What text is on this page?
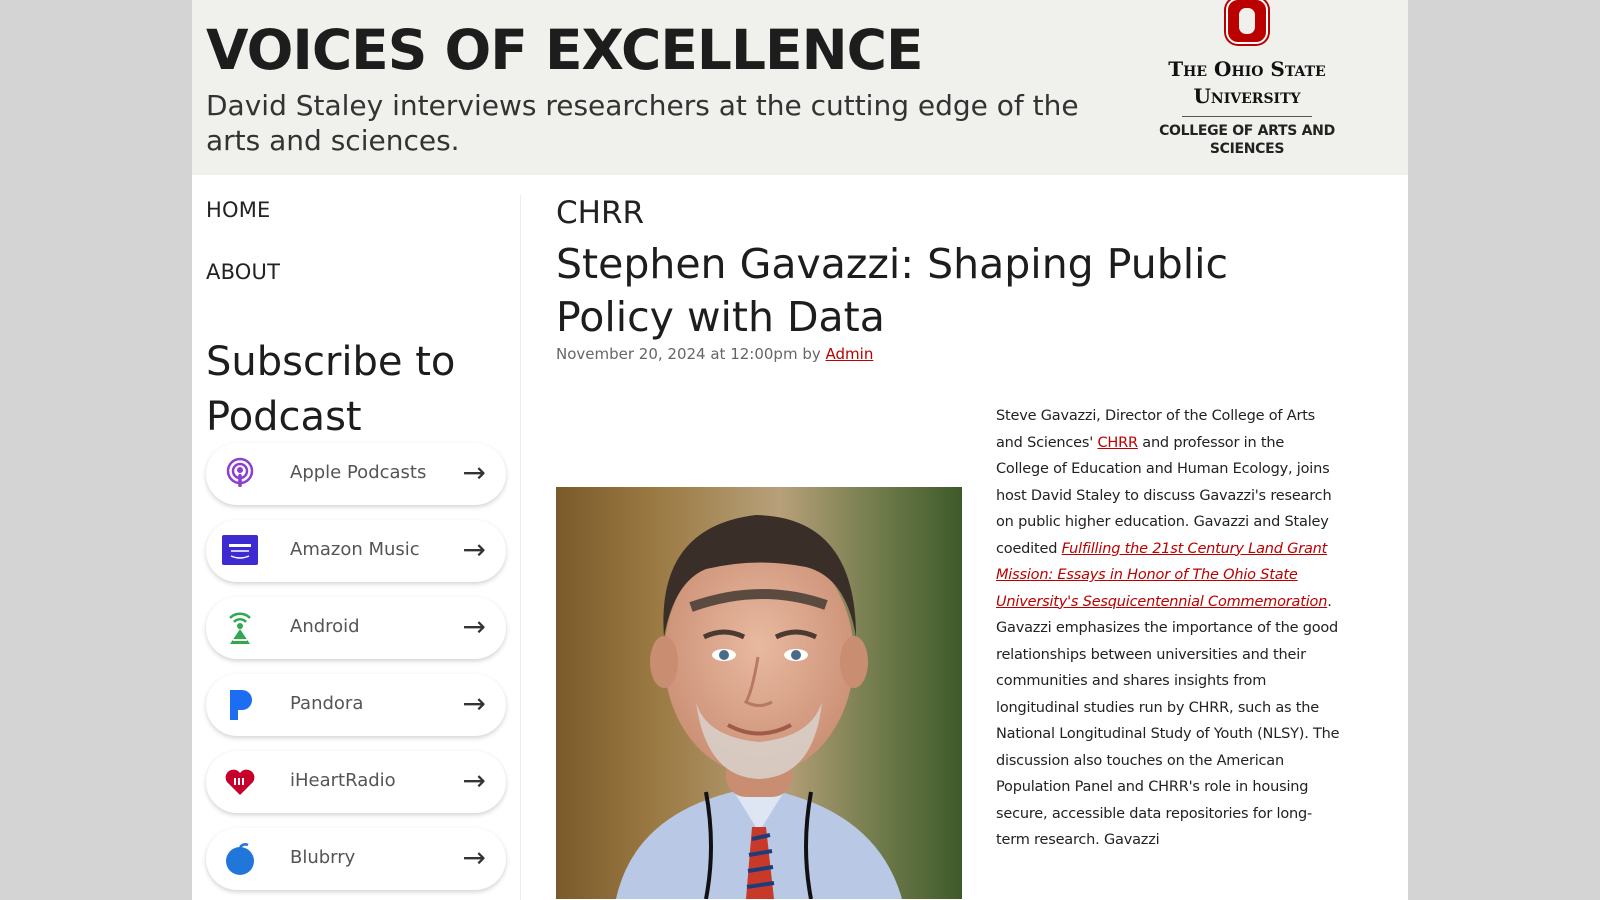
VOICES OF EXCELLENCE
David Staley interviews researchers at the cutting edge of the arts and sciences.
The Ohio State University
COLLEGE OF ARTS AND SCIENCES
HOME
ABOUT
Subscribe to Podcast
Apple Podcasts →
Amazon Music →
Android	→
Pandora	→
iHeartRadio →
Blubrry	→
CHRR
Stephen Gavazzi: Shaping Public Policy with Data
November 20, 2024 at 12:00pm by Admin
Steve Gavazzi, Director of the College of Arts and Sciences' CHRR and professor in the College of Education and Human Ecology, joins host David Staley to discuss Gavazzi's research on public higher education. Gavazzi and Staley coedited Fulfilling the 21st Century Land Grant Mission: Essays in Honor of The Ohio State University's Sesquicentennial Commemoration. Gavazzi emphasizes the importance of the good relationships between universities and their communities and shares insights from longitudinal studies run by CHRR, such as the National Longitudinal Study of Youth (NLSY). The discussion also touches on the American Population Panel and CHRR's role in housing secure, accessible data repositories for long-term research. Gavazzi
